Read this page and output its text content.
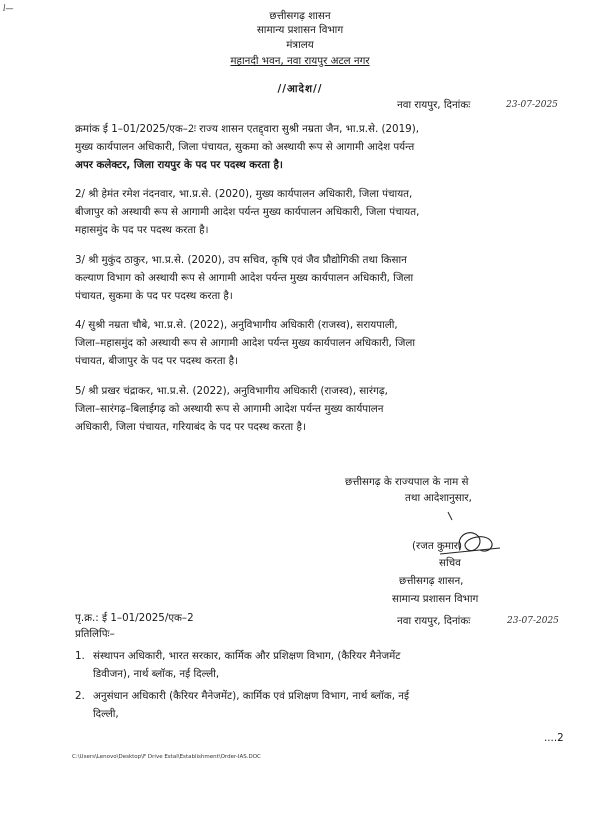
l—
छत्तीसगढ़ शासन
सामान्य प्रशासन विभाग
मंत्रालय
महानदी भवन, नवा रायपुर अटल नगर
//आदेश//
नवा रायपुर, दिनांकः	23-07-2025
क्रमांक ई 1–01/2025/एक–2ः राज्य शासन एतद्द्वारा सुश्री नम्रता जैन, भा.प्र.से. (2019),
मुख्य कार्यपालन अधिकारी, जिला पंचायत, सुकमा को अस्थायी रूप से आगामी आदेश पर्यन्त
अपर कलेक्टर, जिला रायपुर के पद पर पदस्थ करता है।
2/ श्री हेमंत रमेश नंदनवार, भा.प्र.से. (2020), मुख्य कार्यपालन अधिकारी, जिला पंचायत,
बीजापुर को अस्थायी रूप से आगामी आदेश पर्यन्त मुख्य कार्यपालन अधिकारी, जिला पंचायत,
महासमुंद के पद पर पदस्थ करता है।
3/ श्री मुकुंद ठाकुर, भा.प्र.से. (2020), उप सचिव, कृषि एवं जैव प्रौद्योगिकी तथा किसान
कल्याण विभाग को अस्थायी रूप से आगामी आदेश पर्यन्त मुख्य कार्यपालन अधिकारी, जिला
पंचायत, सुकमा के पद पर पदस्थ करता है।
4/ सुश्री नम्रता चौबे, भा.प्र.से. (2022), अनुविभागीय अधिकारी (राजस्व), सरायपाली,
जिला–महासमुंद को अस्थायी रूप से आगामी आदेश पर्यन्त मुख्य कार्यपालन अधिकारी, जिला
पंचायत, बीजापुर के पद पर पदस्थ करता है।
5/ श्री प्रखर चंद्राकर, भा.प्र.से. (2022), अनुविभागीय अधिकारी (राजस्व), सारंगढ़,
जिला–सारंगढ़–बिलाईगढ़ को अस्थायी रूप से आगामी आदेश पर्यन्त मुख्य कार्यपालन
अधिकारी, जिला पंचायत, गरियाबंद के पद पर पदस्थ करता है।
छत्तीसगढ़ के राज्यपाल के नाम से
तथा आदेशानुसार,
(रजत कुमार)
सचिव
छत्तीसगढ़ शासन,
सामान्य प्रशासन विभाग
पृ.क्र.: ई 1–01/2025/एक–2	नवा रायपुर, दिनांकः	23-07-2025
प्रतिलिपिः–
1. संस्थापन अधिकारी, भारत सरकार, कार्मिक और प्रशिक्षण विभाग, (कैरियर मैनेजमेंट
डिवीजन), नार्थ ब्लॉक, नई दिल्ली,
2. अनुसंधान अधिकारी (कैरियर मैनेजमेंट), कार्मिक एवं प्रशिक्षण विभाग, नार्थ ब्लॉक, नई
दिल्ली,
....2
C:\Users\Lenovo\Desktop\F Drive Estal\Establishment\Order-IAS.DOC
